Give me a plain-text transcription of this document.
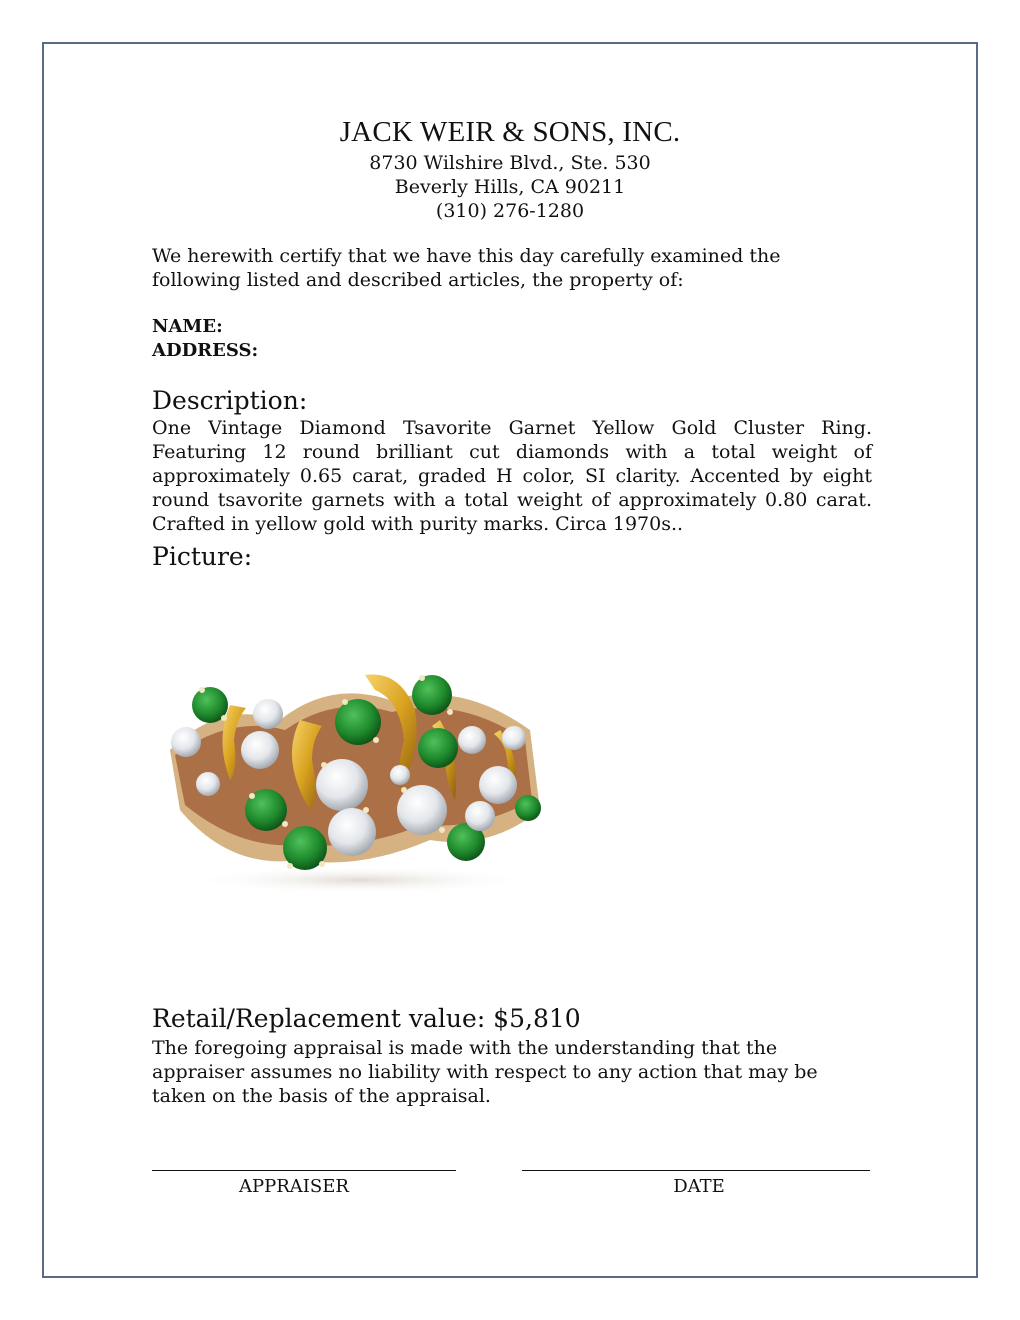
JACK WEIR & SONS, INC.
8730 Wilshire Blvd., Ste. 530
Beverly Hills, CA 90211
(310) 276-1280
We herewith certify that we have this day carefully examined the following listed and described articles, the property of:
NAME:
ADDRESS:
Description:
One Vintage Diamond Tsavorite Garnet Yellow Gold Cluster Ring. Featuring 12 round brilliant cut diamonds with a total weight of approximately 0.65 carat, graded H color, SI clarity. Accented by eight round tsavorite garnets with a total weight of approximately 0.80 carat. Crafted in yellow gold with purity marks. Circa 1970s..
Picture:
Retail/Replacement value: $5,810
The foregoing appraisal is made with the understanding that the appraiser assumes no liability with respect to any action that may be taken on the basis of the appraisal.
APPRAISER	DATE
